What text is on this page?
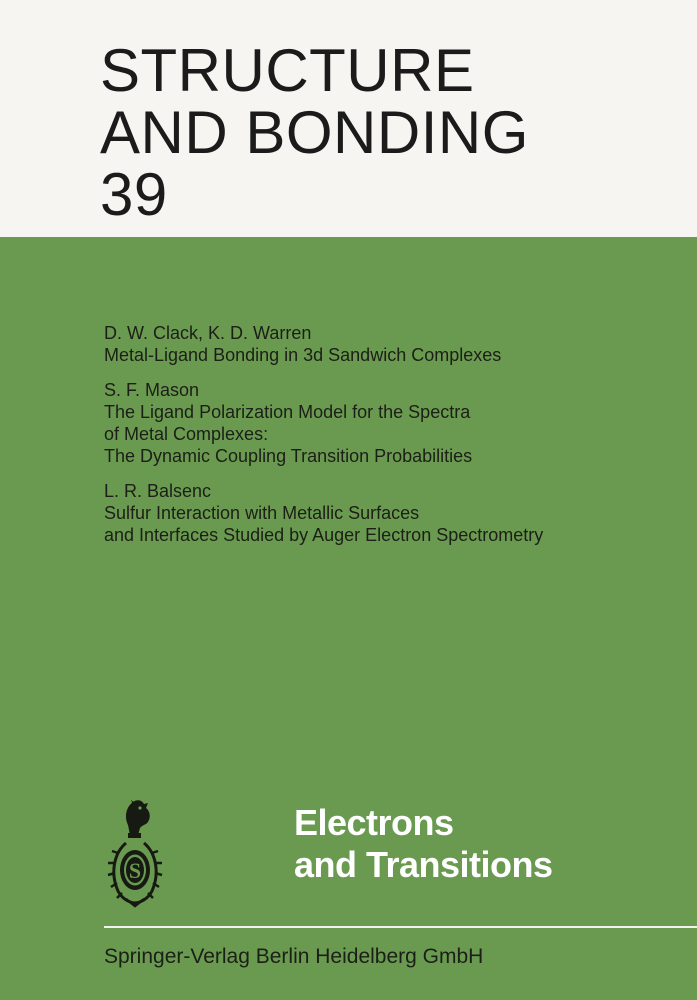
STRUCTURE
AND BONDING
39
D. W. Clack, K. D. Warren
Metal-Ligand Bonding in 3d Sandwich Complexes
S. F. Mason
The Ligand Polarization Model for the Spectra
of Metal Complexes:
The Dynamic Coupling Transition Probabilities
L. R. Balsenc
Sulfur Interaction with Metallic Surfaces
and Interfaces Studied by Auger Electron Spectrometry
S
Electrons
and Transitions
Springer-Verlag Berlin Heidelberg GmbH
